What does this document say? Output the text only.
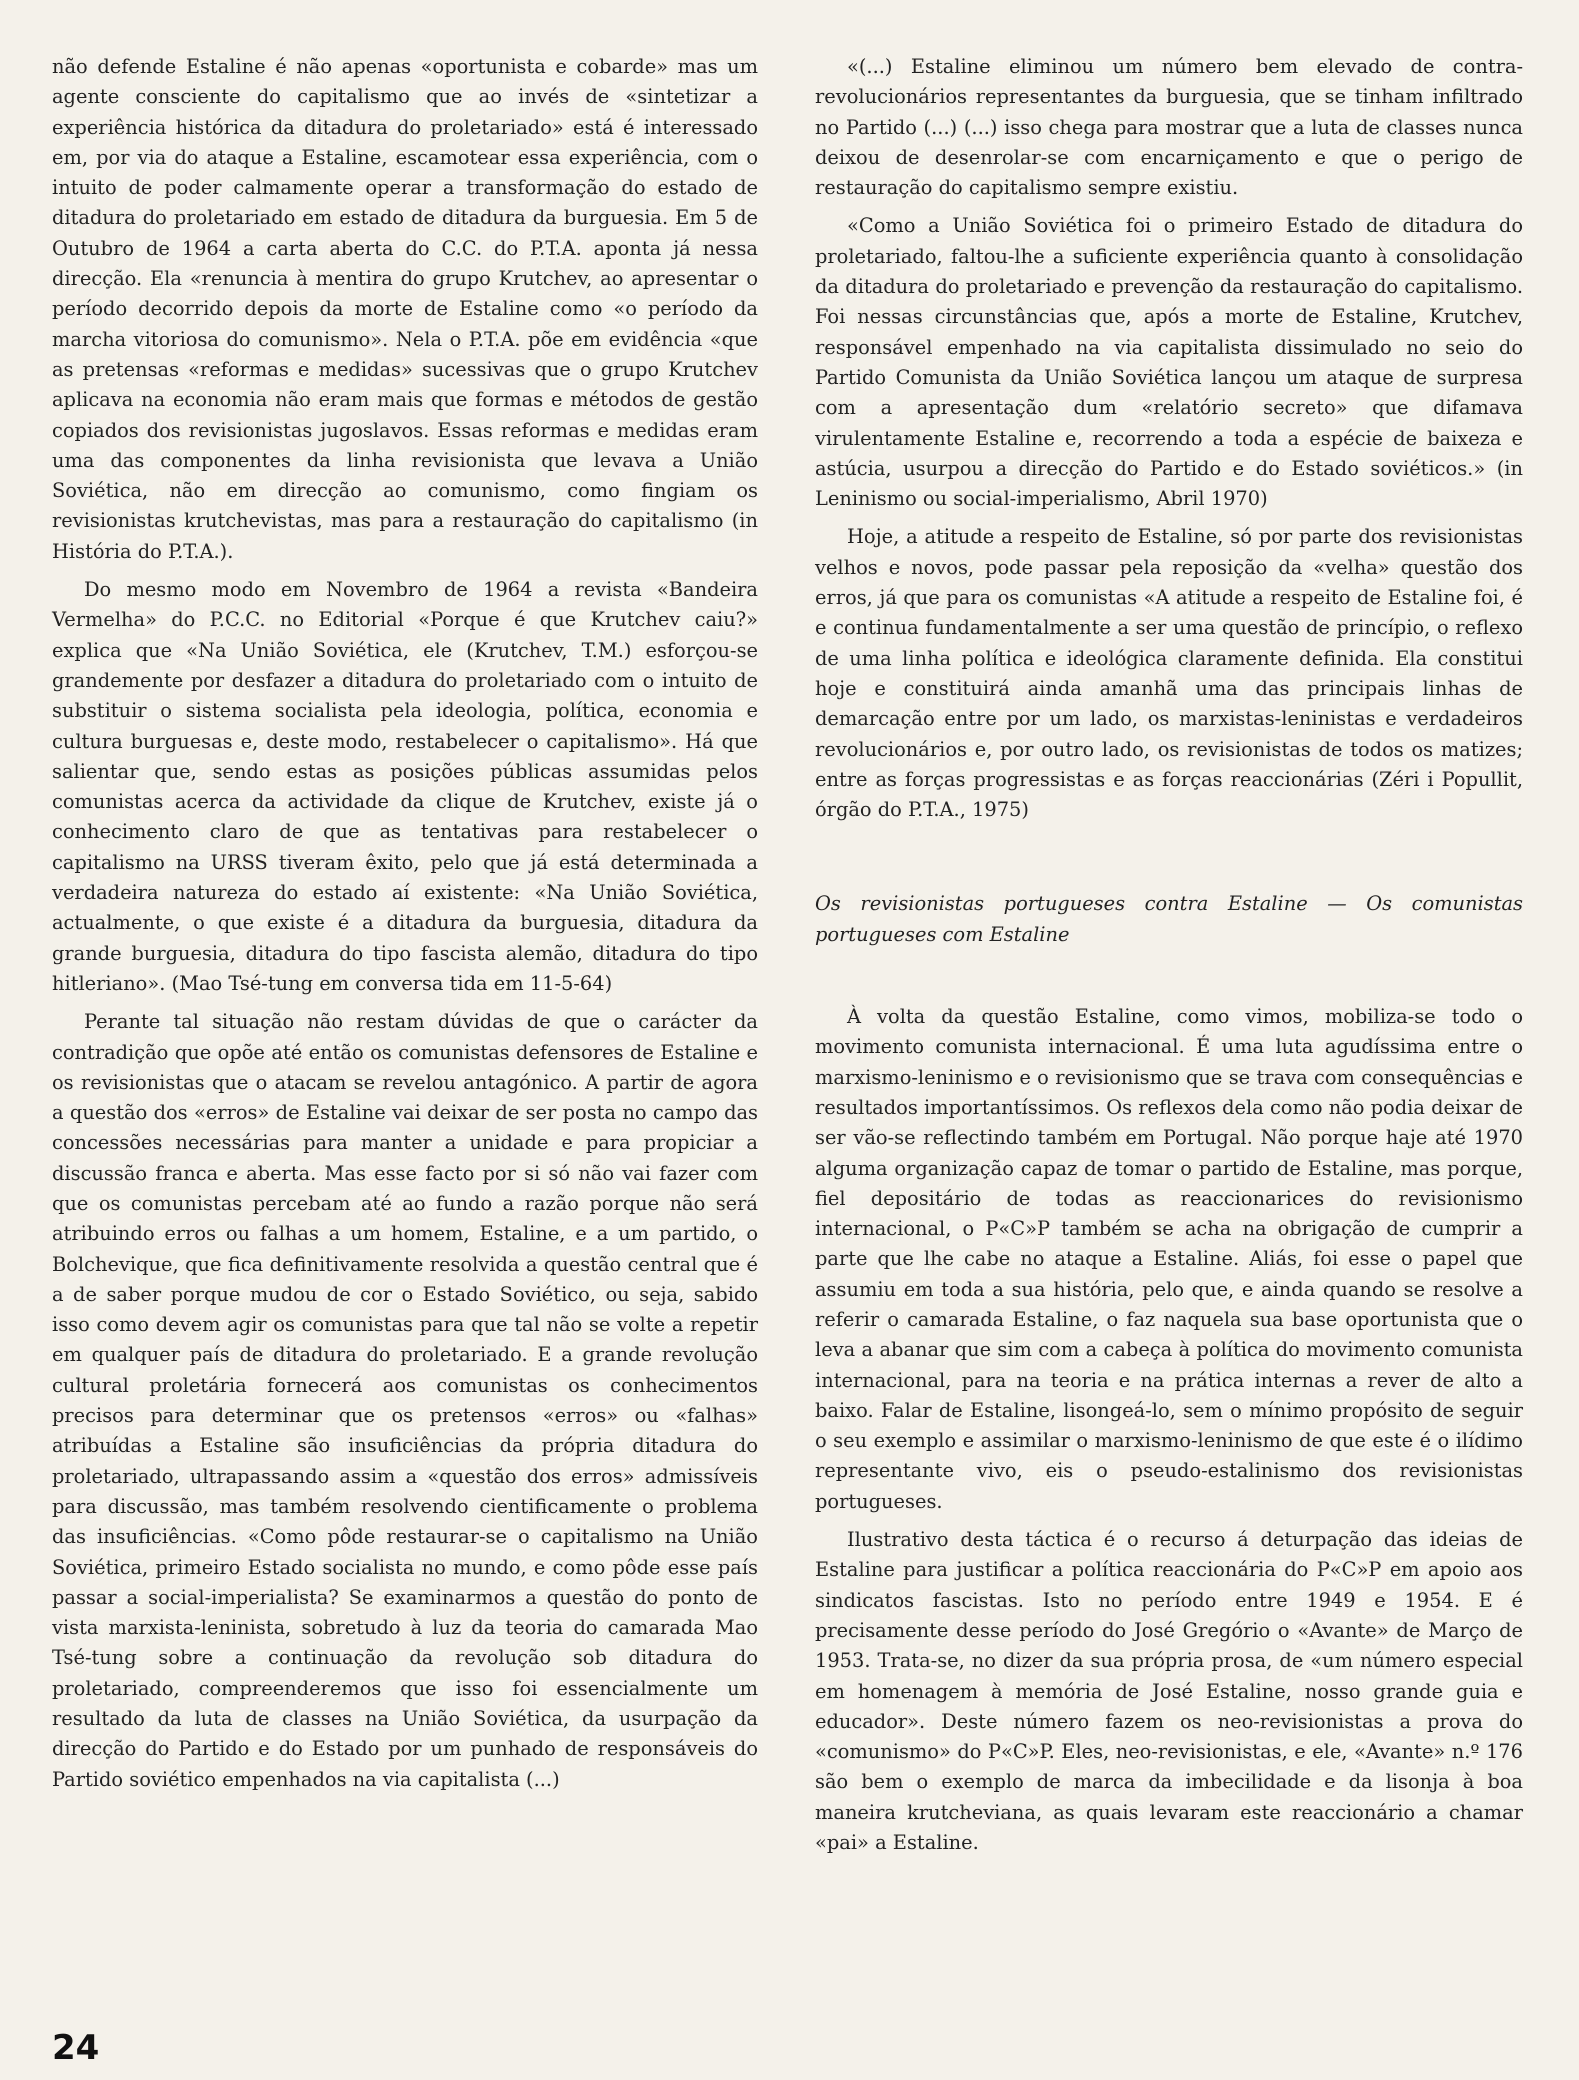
não defende Estaline é não apenas «oportunista e cobarde» mas um agente consciente do capitalismo que ao invés de «sintetizar a experiência histórica da ditadura do proletariado» está é interessado em, por via do ataque a Estaline, escamotear essa experiência, com o intuito de poder calmamente operar a transformação do estado de ditadura do proletariado em estado de ditadura da burguesia. Em 5 de Outubro de 1964 a carta aberta do C.C. do P.T.A. aponta já nessa direcção. Ela «renuncia à mentira do grupo Krutchev, ao apresentar o período decorrido depois da morte de Estaline como «o período da marcha vitoriosa do comunismo». Nela o P.T.A. põe em evidência «que as pretensas «reformas e medidas» sucessivas que o grupo Krutchev aplicava na economia não eram mais que formas e métodos de gestão copiados dos revisionistas jugoslavos. Essas reformas e medidas eram uma das componentes da linha revisionista que levava a União Soviética, não em direcção ao comunismo, como fingiam os revisionistas krutchevistas, mas para a restauração do capitalismo (in História do P.T.A.).

Do mesmo modo em Novembro de 1964 a revista «Bandeira Vermelha» do P.C.C. no Editorial «Porque é que Krutchev caiu?» explica que «Na União Soviética, ele (Krutchev, T.M.) esforçou-se grandemente por desfazer a ditadura do proletariado com o intuito de substituir o sistema socialista pela ideologia, política, economia e cultura burguesas e, deste modo, restabelecer o capitalismo». Há que salientar que, sendo estas as posições públicas assumidas pelos comunistas acerca da actividade da clique de Krutchev, existe já o conhecimento claro de que as tentativas para restabelecer o capitalismo na URSS tiveram êxito, pelo que já está determinada a verdadeira natureza do estado aí existente: «Na União Soviética, actualmente, o que existe é a ditadura da burguesia, ditadura da grande burguesia, ditadura do tipo fascista alemão, ditadura do tipo hitleriano». (Mao Tsé-tung em conversa tida em 11-5-64)

Perante tal situação não restam dúvidas de que o carácter da contradição que opõe até então os comunistas defensores de Estaline e os revisionistas que o atacam se revelou antagónico. A partir de agora a questão dos «erros» de Estaline vai deixar de ser posta no campo das concessões necessárias para manter a unidade e para propiciar a discussão franca e aberta. Mas esse facto por si só não vai fazer com que os comunistas percebam até ao fundo a razão porque não será atribuindo erros ou falhas a um homem, Estaline, e a um partido, o Bolchevique, que fica definitivamente resolvida a questão central que é a de saber porque mudou de cor o Estado Soviético, ou seja, sabido isso como devem agir os comunistas para que tal não se volte a repetir em qualquer país de ditadura do proletariado. E a grande revolução cultural proletária fornecerá aos comunistas os conhecimentos precisos para determinar que os pretensos «erros» ou «falhas» atribuídas a Estaline são insuficiências da própria ditadura do proletariado, ultrapassando assim a «questão dos erros» admissíveis para discussão, mas também resolvendo cientificamente o problema das insuficiências. «Como pôde restaurar-se o capitalismo na União Soviética, primeiro Estado socialista no mundo, e como pôde esse país passar a social-imperialista? Se examinarmos a questão do ponto de vista marxista-leninista, sobretudo à luz da teoria do camarada Mao Tsé-tung sobre a continuação da revolução sob ditadura do proletariado, compreenderemos que isso foi essencialmente um resultado da luta de classes na União Soviética, da usurpação da direcção do Partido e do Estado por um punhado de responsáveis do Partido soviético empenhados na via capitalista (...)

«(...) Estaline eliminou um número bem elevado de contra-revolucionários representantes da burguesia, que se tinham infiltrado no Partido (...) (...) isso chega para mostrar que a luta de classes nunca deixou de desenrolar-se com encarniçamento e que o perigo de restauração do capitalismo sempre existiu.

«Como a União Soviética foi o primeiro Estado de ditadura do proletariado, faltou-lhe a suficiente experiência quanto à consolidação da ditadura do proletariado e prevenção da restauração do capitalismo. Foi nessas circunstâncias que, após a morte de Estaline, Krutchev, responsável empenhado na via capitalista dissimulado no seio do Partido Comunista da União Soviética lançou um ataque de surpresa com a apresentação dum «relatório secreto» que difamava virulentamente Estaline e, recorrendo a toda a espécie de baixeza e astúcia, usurpou a direcção do Partido e do Estado soviéticos.» (in Leninismo ou social-imperialismo, Abril 1970)

Hoje, a atitude a respeito de Estaline, só por parte dos revisionistas velhos e novos, pode passar pela reposição da «velha» questão dos erros, já que para os comunistas «A atitude a respeito de Estaline foi, é e continua fundamentalmente a ser uma questão de princípio, o reflexo de uma linha política e ideológica claramente definida. Ela constitui hoje e constituirá ainda amanhã uma das principais linhas de demarcação entre por um lado, os marxistas-leninistas e verdadeiros revolucionários e, por outro lado, os revisionistas de todos os matizes; entre as forças progressistas e as forças reaccionárias (Zéri i Popullit, órgão do P.T.A., 1975)

Os revisionistas portugueses contra Estaline — Os comunistas portugueses com Estaline

À volta da questão Estaline, como vimos, mobiliza-se todo o movimento comunista internacional. É uma luta agudíssima entre o marxismo-leninismo e o revisionismo que se trava com consequências e resultados importantíssimos. Os reflexos dela como não podia deixar de ser vão-se reflectindo também em Portugal. Não porque haje até 1970 alguma organização capaz de tomar o partido de Estaline, mas porque, fiel depositário de todas as reaccionarices do revisionismo internacional, o P«C»P também se acha na obrigação de cumprir a parte que lhe cabe no ataque a Estaline. Aliás, foi esse o papel que assumiu em toda a sua história, pelo que, e ainda quando se resolve a referir o camarada Estaline, o faz naquela sua base oportunista que o leva a abanar que sim com a cabeça à política do movimento comunista internacional, para na teoria e na prática internas a rever de alto a baixo. Falar de Estaline, lisongeá-lo, sem o mínimo propósito de seguir o seu exemplo e assimilar o marxismo-leninismo de que este é o ilídimo representante vivo, eis o pseudo-estalinismo dos revisionistas portugueses.

Ilustrativo desta táctica é o recurso á deturpação das ideias de Estaline para justificar a política reaccionária do P«C»P em apoio aos sindicatos fascistas. Isto no período entre 1949 e 1954. E é precisamente desse período do José Gregório o «Avante» de Março de 1953. Trata-se, no dizer da sua própria prosa, de «um número especial em homenagem à memória de José Estaline, nosso grande guia e educador». Deste número fazem os neo-revisionistas a prova do «comunismo» do P«C»P. Eles, neo-revisionistas, e ele, «Avante» n.º 176 são bem o exemplo de marca da imbecilidade e da lisonja à boa maneira krutcheviana, as quais levaram este reaccionário a chamar «pai» a Estaline.

24
